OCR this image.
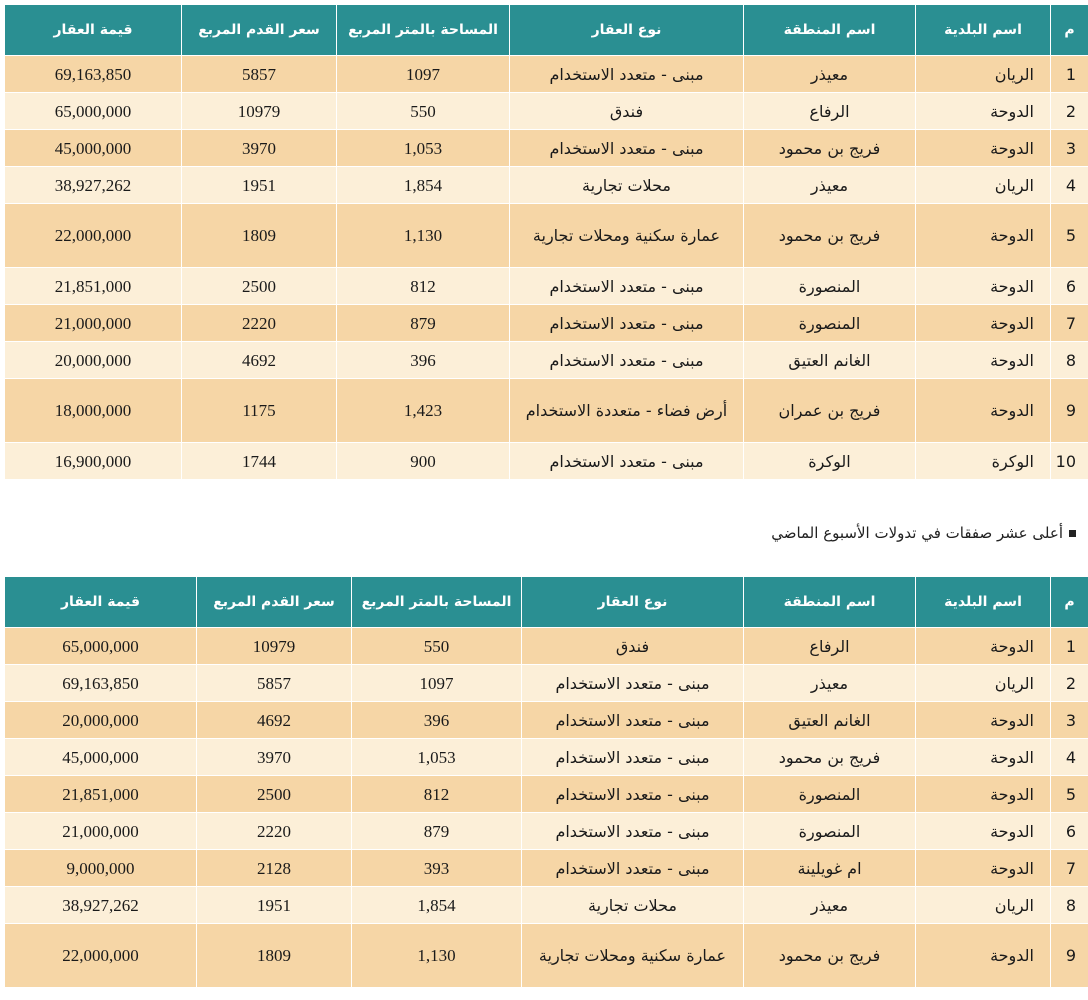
م	اسم البلدية	اسم المنطقة	نوع العقار	المساحة بالمتر المربع	سعر القدم المربع	قيمة العقار
1	الريان	معيذر	مبنى - متعدد الاستخدام	1097	5857	69,163,850
2	الدوحة	الرفاع	فندق	550	10979	65,000,000
3	الدوحة	فريج بن محمود	مبنى - متعدد الاستخدام	1,053	3970	45,000,000
4	الريان	معيذر	محلات تجارية	1,854	1951	38,927,262
5	الدوحة	فريج بن محمود	عمارة سكنية ومحلات تجارية	1,130	1809	22,000,000
6	الدوحة	المنصورة	مبنى - متعدد الاستخدام	812	2500	21,851,000
7	الدوحة	المنصورة	مبنى - متعدد الاستخدام	879	2220	21,000,000
8	الدوحة	الغانم العتيق	مبنى - متعدد الاستخدام	396	4692	20,000,000
9	الدوحة	فريج بن عمران	أرض فضاء - متعددة الاستخدام	1,423	1175	18,000,000
10	الوكرة	الوكرة	مبنى - متعدد الاستخدام	900	1744	16,900,000
أعلى عشر صفقات في تدولات الأسبوع الماضي
م	اسم البلدية	اسم المنطقة	نوع العقار	المساحة بالمتر المربع	سعر القدم المربع	قيمة العقار
1	الدوحة	الرفاع	فندق	550	10979	65,000,000
2	الريان	معيذر	مبنى - متعدد الاستخدام	1097	5857	69,163,850
3	الدوحة	الغانم العتيق	مبنى - متعدد الاستخدام	396	4692	20,000,000
4	الدوحة	فريج بن محمود	مبنى - متعدد الاستخدام	1,053	3970	45,000,000
5	الدوحة	المنصورة	مبنى - متعدد الاستخدام	812	2500	21,851,000
6	الدوحة	المنصورة	مبنى - متعدد الاستخدام	879	2220	21,000,000
7	الدوحة	ام غويلينة	مبنى - متعدد الاستخدام	393	2128	9,000,000
8	الريان	معيذر	محلات تجارية	1,854	1951	38,927,262
9	الدوحة	فريج بن محمود	عمارة سكنية ومحلات تجارية	1,130	1809	22,000,000
